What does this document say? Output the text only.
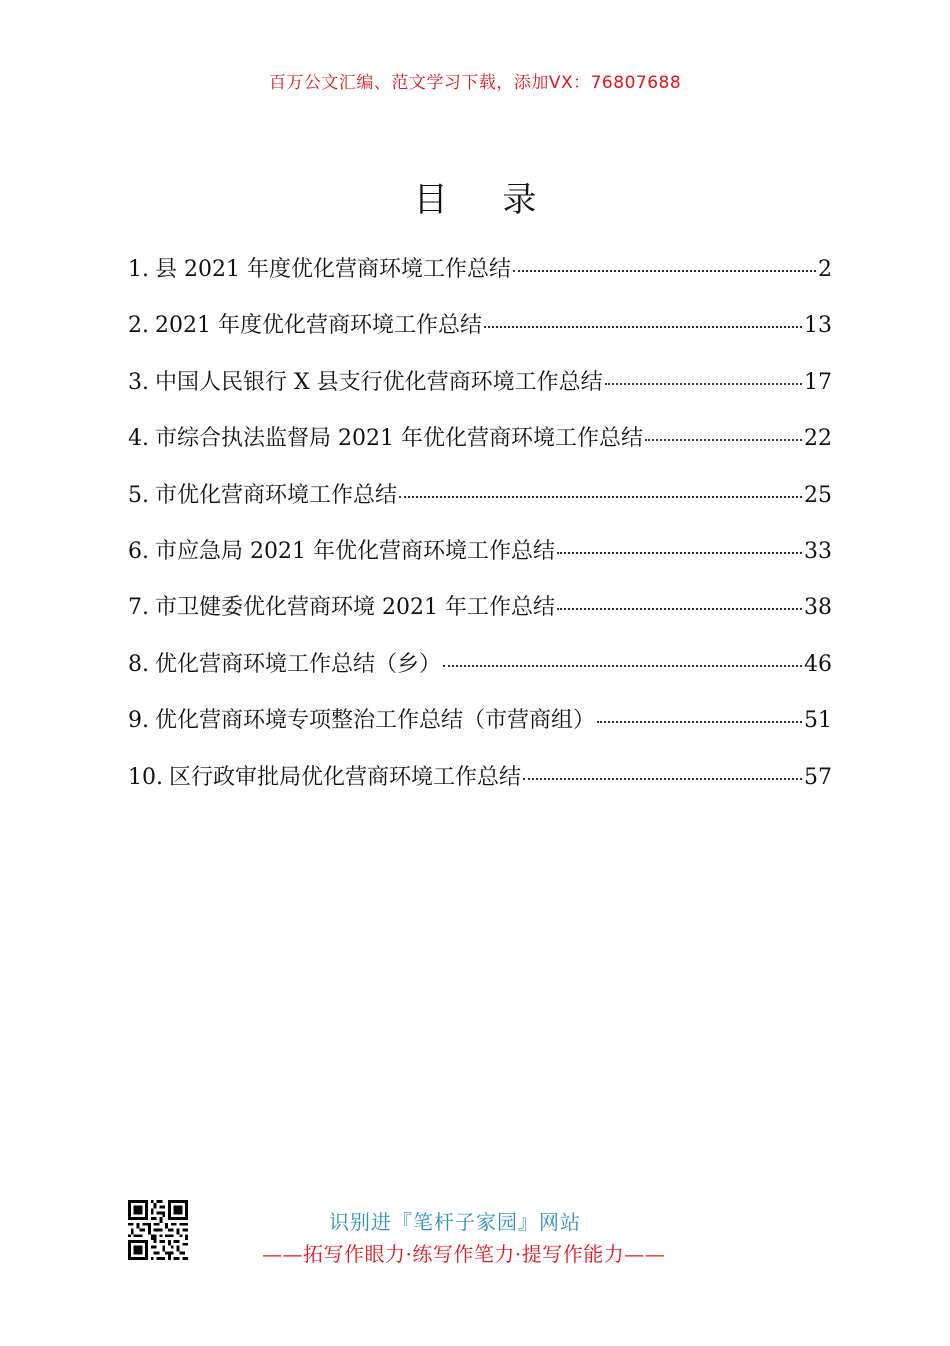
百万公文汇编、范文学习下载，添加VX：76807688
目 录
1. 县 2021 年度优化营商环境工作总结	2
2. 2021 年度优化营商环境工作总结	13
3. 中国人民银行 X 县支行优化营商环境工作总结	17
4. 市综合执法监督局 2021 年优化营商环境工作总结	22
5. 市优化营商环境工作总结	25
6. 市应急局 2021 年优化营商环境工作总结	33
7. 市卫健委优化营商环境 2021 年工作总结	38
8. 优化营商环境工作总结（乡）	46
9. 优化营商环境专项整治工作总结（市营商组）	51
10. 区行政审批局优化营商环境工作总结	57
识别进『笔杆子家园』网站
——拓写作眼力·练写作笔力·提写作能力——
